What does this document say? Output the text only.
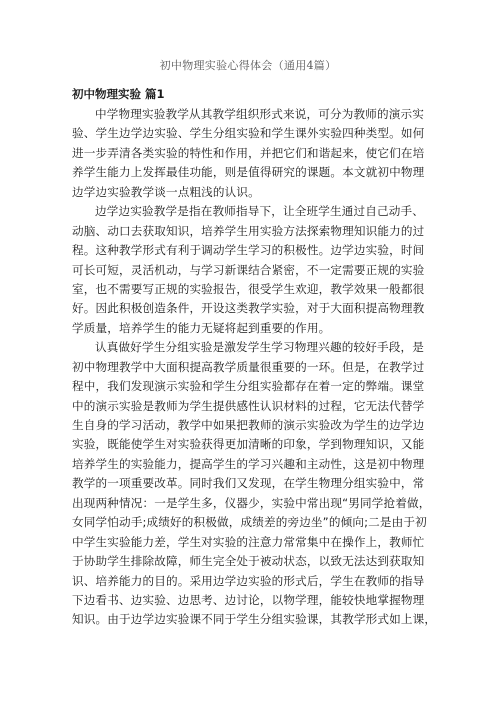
初中物理实验心得体会（通用4篇）
初中物理实验 篇1

中学物理实验教学从其教学组织形式来说，可分为教师的演示实
验、学生边学边实验、学生分组实验和学生课外实验四种类型。如何
进一步弄清各类实验的特性和作用，并把它们和谐起来，使它们在培
养学生能力上发挥最佳功能，则是值得研究的课题。本文就初中物理
边学边实验教学谈一点粗浅的认识。

边学边实验教学是指在教师指导下，让全班学生通过自己动手、
动脑、动口去获取知识，培养学生用实验方法探索物理知识能力的过
程。这种教学形式有利于调动学生学习的积极性。边学边实验，时间
可长可短，灵活机动，与学习新课结合紧密，不一定需要正规的实验
室，也不需要写正规的实验报告，很受学生欢迎，教学效果一般都很
好。因此积极创造条件，开设这类教学实验，对于大面积提高物理教
学质量，培养学生的能力无疑将起到重要的作用。

认真做好学生分组实验是激发学生学习物理兴趣的较好手段，是
初中物理教学中大面积提高教学质量很重要的一环。但是，在教学过
程中，我们发现演示实验和学生分组实验都存在着一定的弊端。课堂
中的演示实验是教师为学生提供感性认识材料的过程，它无法代替学
生自身的学习活动，教学中如果把教师的演示实验改为学生的边学边
实验，既能使学生对实验获得更加清晰的印象，学到物理知识，又能
培养学生的实验能力，提高学生的学习兴趣和主动性，这是初中物理
教学的一项重要改革。同时我们又发现，在学生物理分组实验中，常
出现两种情况：一是学生多，仪器少，实验中常出现“男同学抢着做，
女同学怕动手;成绩好的积极做，成绩差的旁边坐”的倾向;二是由于初
中学生实验能力差，学生对实验的注意力常常集中在操作上，教师忙
于协助学生排除故障，师生完全处于被动状态，以致无法达到获取知
识、培养能力的目的。采用边学边实验的形式后，学生在教师的指导
下边看书、边实验、边思考、边讨论，以物学理，能较快地掌握物理
知识。由于边学边实验课不同于学生分组实验课，其教学形式如上课，
